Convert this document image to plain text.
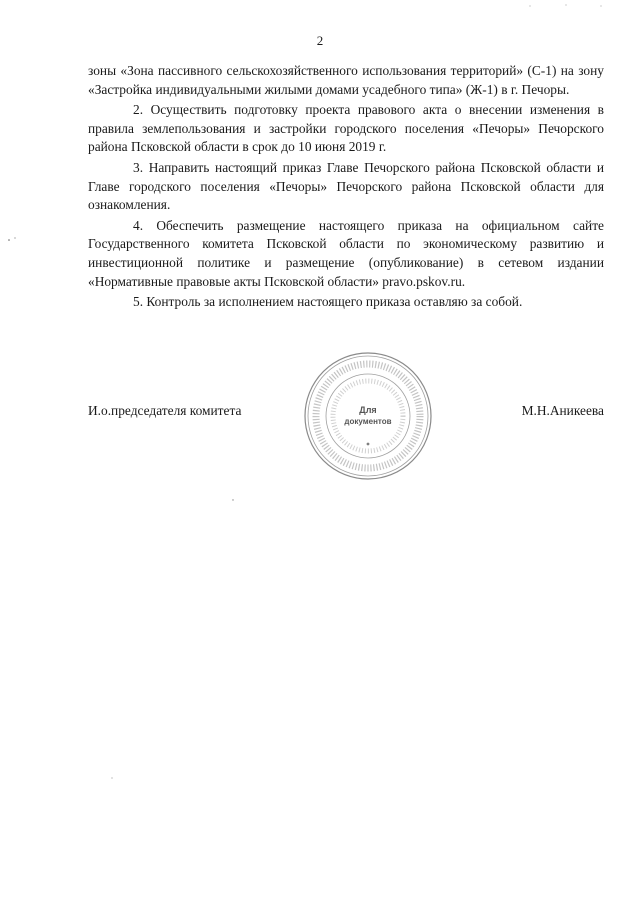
2

зоны «Зона пассивного сельскохозяйственного использования территорий» (С-1) на зону «Застройка индивидуальными жилыми домами усадебного типа» (Ж-1) в г. Печоры.

2. Осуществить подготовку проекта правового акта о внесении изменения в правила землепользования и застройки городского поселения «Печоры» Печорского района Псковской области в срок до 10 июня 2019 г.

3. Направить настоящий приказ Главе Печорского района Псковской области и Главе городского поселения «Печоры» Печорского района Псковской области для ознакомления.

4. Обеспечить размещение настоящего приказа на официальном сайте Государственного комитета Псковской области по экономическому развитию и инвестиционной политике и размещение (опубликование) в сетевом издании «Нормативные правовые акты Псковской области» pravo.pskov.ru.

5. Контроль за исполнением настоящего приказа оставляю за собой.

И.о.председателя комитета	М.Н.Аникеева
Для
документов
